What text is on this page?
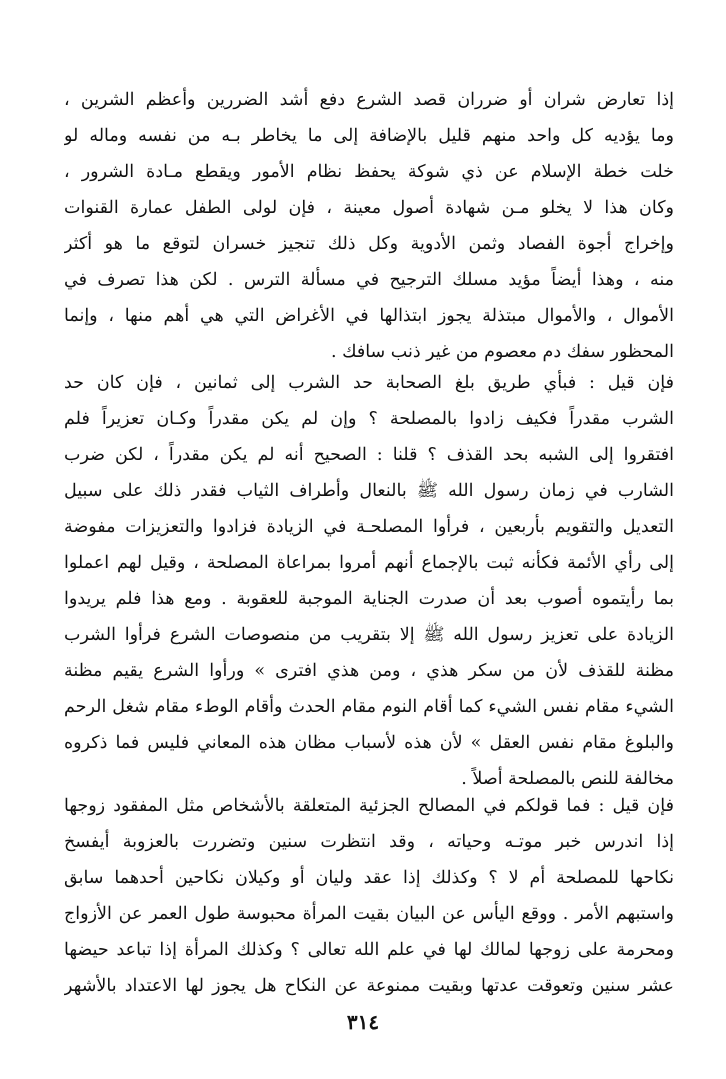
إذا تعارض شران أو ضرران قصد الشرع دفع أشد الضررين وأعظم الشرين ،
وما يؤديه كل واحد منهم قليل بالإضافة إلى ما يخاطر بـه من نفسه وماله لو
خلت خطة الإسلام عن ذي شوكة يحفظ نظام الأمور ويقطع مـادة الشرور ،
وكان هذا لا يخلو مـن شهادة أصول معينة ، فإن لولى الطفل عمارة القنوات
وإخراج أجوة الفصاد وثمن الأدوية وكل ذلك تنجيز خسران لتوقع ما هو أكثر
منه ، وهذا أيضاً مؤيد مسلك الترجيح في مسألة الترس . لكن هذا تصرف في
الأموال ، والأموال مبتذلة يجوز ابتذالها في الأغراض التي هي أهم منها ، وإنما
المحظور سفك دم معصوم من غير ذنب سافك .
فإن قيل : فبأي طريق بلغ الصحابة حد الشرب إلى ثمانين ، فإن كان حد
الشرب مقدراً فكيف زادوا بالمصلحة ؟ وإن لم يكن مقدراً وكـان تعزيراً فلم
افتقروا إلى الشبه بحد القذف ؟ قلنا : الصحيح أنه لم يكن مقدراً ، لكن ضرب
الشارب في زمان رسول الله ﷺ بالنعال وأطراف الثياب فقدر ذلك على سبيل
التعديل والتقويم بأربعين ، فرأوا المصلحـة في الزيادة فزادوا والتعزيزات مفوضة
إلى رأي الأئمة فكأنه ثبت بالإجماع أنهم أمروا بمراعاة المصلحة ، وقيل لهم اعملوا
بما رأيتموه أصوب بعد أن صدرت الجناية الموجبة للعقوبة . ومع هذا فلم يريدوا
الزيادة على تعزيز رسول الله ﷺ إلا بتقريب من منصوصات الشرع فرأوا الشرب
مظنة للقذف لأن من سكر هذي ، ومن هذي افترى » ورأوا الشرع يقيم مظنة
الشيء مقام نفس الشيء كما أقام النوم مقام الحدث وأقام الوطء مقام شغل الرحم
والبلوغ مقام نفس العقل » لأن هذه لأسباب مظان هذه المعاني فليس فما ذكروه
مخالفة للنص بالمصلحة أصلاً .
فإن قيل : فما قولكم في المصالح الجزئية المتعلقة بالأشخاص مثل المفقود زوجها
إذا اندرس خبر موتـه وحياته ، وقد انتظرت سنين وتضررت بالعزوبة أيفسخ
نكاحها للمصلحة أم لا ؟ وكذلك إذا عقد وليان أو وكيلان نكاحين أحدهما سابق
واستبهم الأمر . ووقع اليأس عن البيان بقيت المرأة محبوسة طول العمر عن الأزواج
ومحرمة على زوجها لمالك لها في علم الله تعالى ؟ وكذلك المرأة إذا تباعد حيضها
عشر سنين وتعوقت عدتها وبقيت ممنوعة عن النكاح هل يجوز لها الاعتداد بالأشهر
٣١٤
